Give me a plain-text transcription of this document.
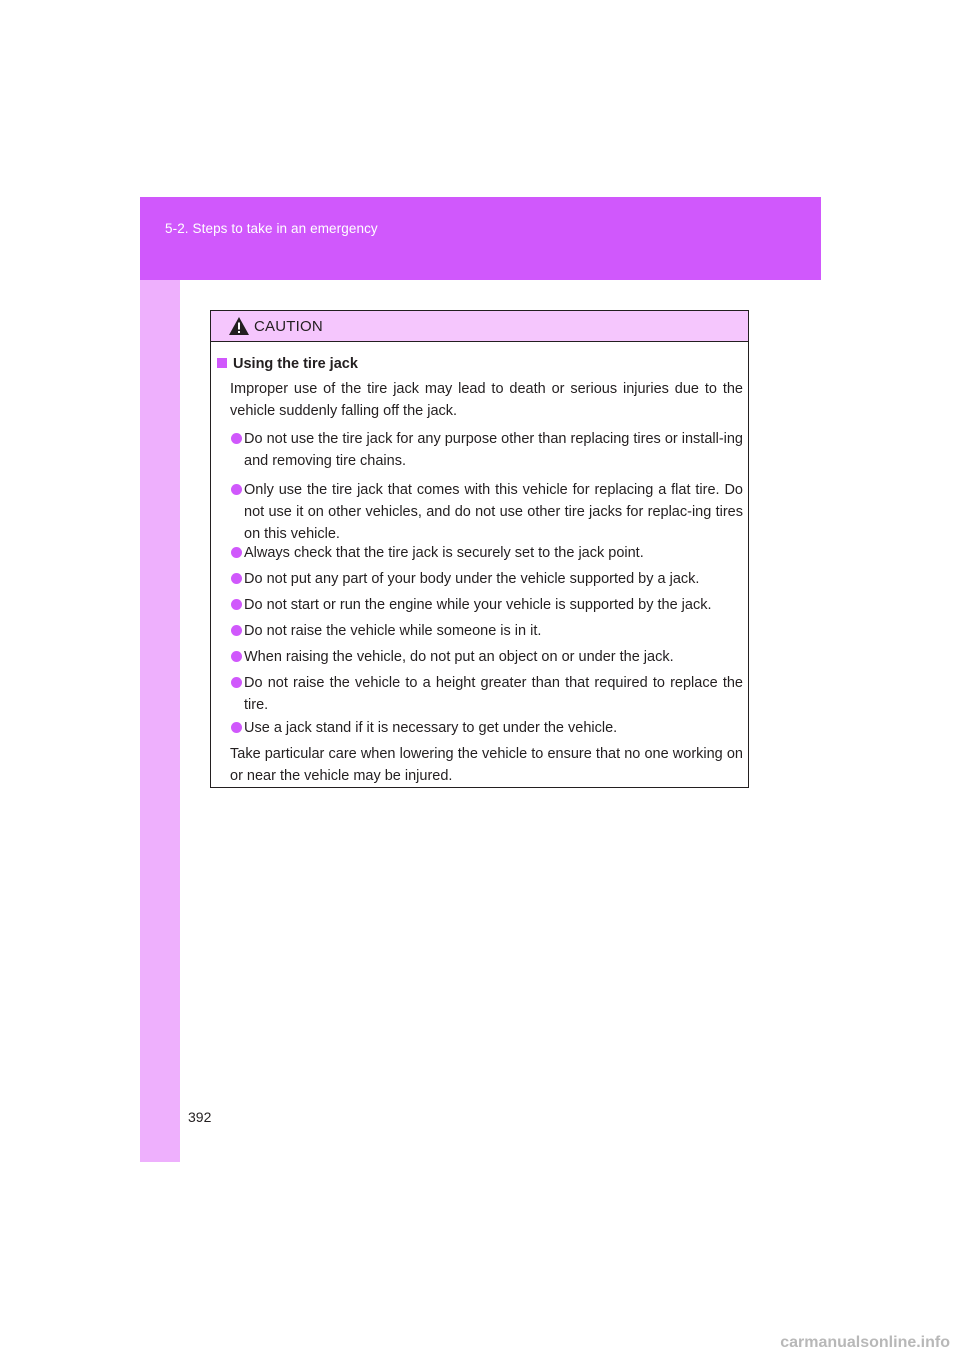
5-2. Steps to take in an emergency
CAUTION
Using the tire jack
Improper use of the tire jack may lead to death or serious injuries due to the vehicle suddenly falling off the jack.
Do not use the tire jack for any purpose other than replacing tires or install-ing and removing tire chains.
Only use the tire jack that comes with this vehicle for replacing a flat tire. Do not use it on other vehicles, and do not use other tire jacks for replac-ing tires on this vehicle.
Always check that the tire jack is securely set to the jack point.
Do not put any part of your body under the vehicle supported by a jack.
Do not start or run the engine while your vehicle is supported by the jack.
Do not raise the vehicle while someone is in it.
When raising the vehicle, do not put an object on or under the jack.
Do not raise the vehicle to a height greater than that required to replace the tire.
Use a jack stand if it is necessary to get under the vehicle.
Take particular care when lowering the vehicle to ensure that no one working on or near the vehicle may be injured.
392
carmanualsonline.info
